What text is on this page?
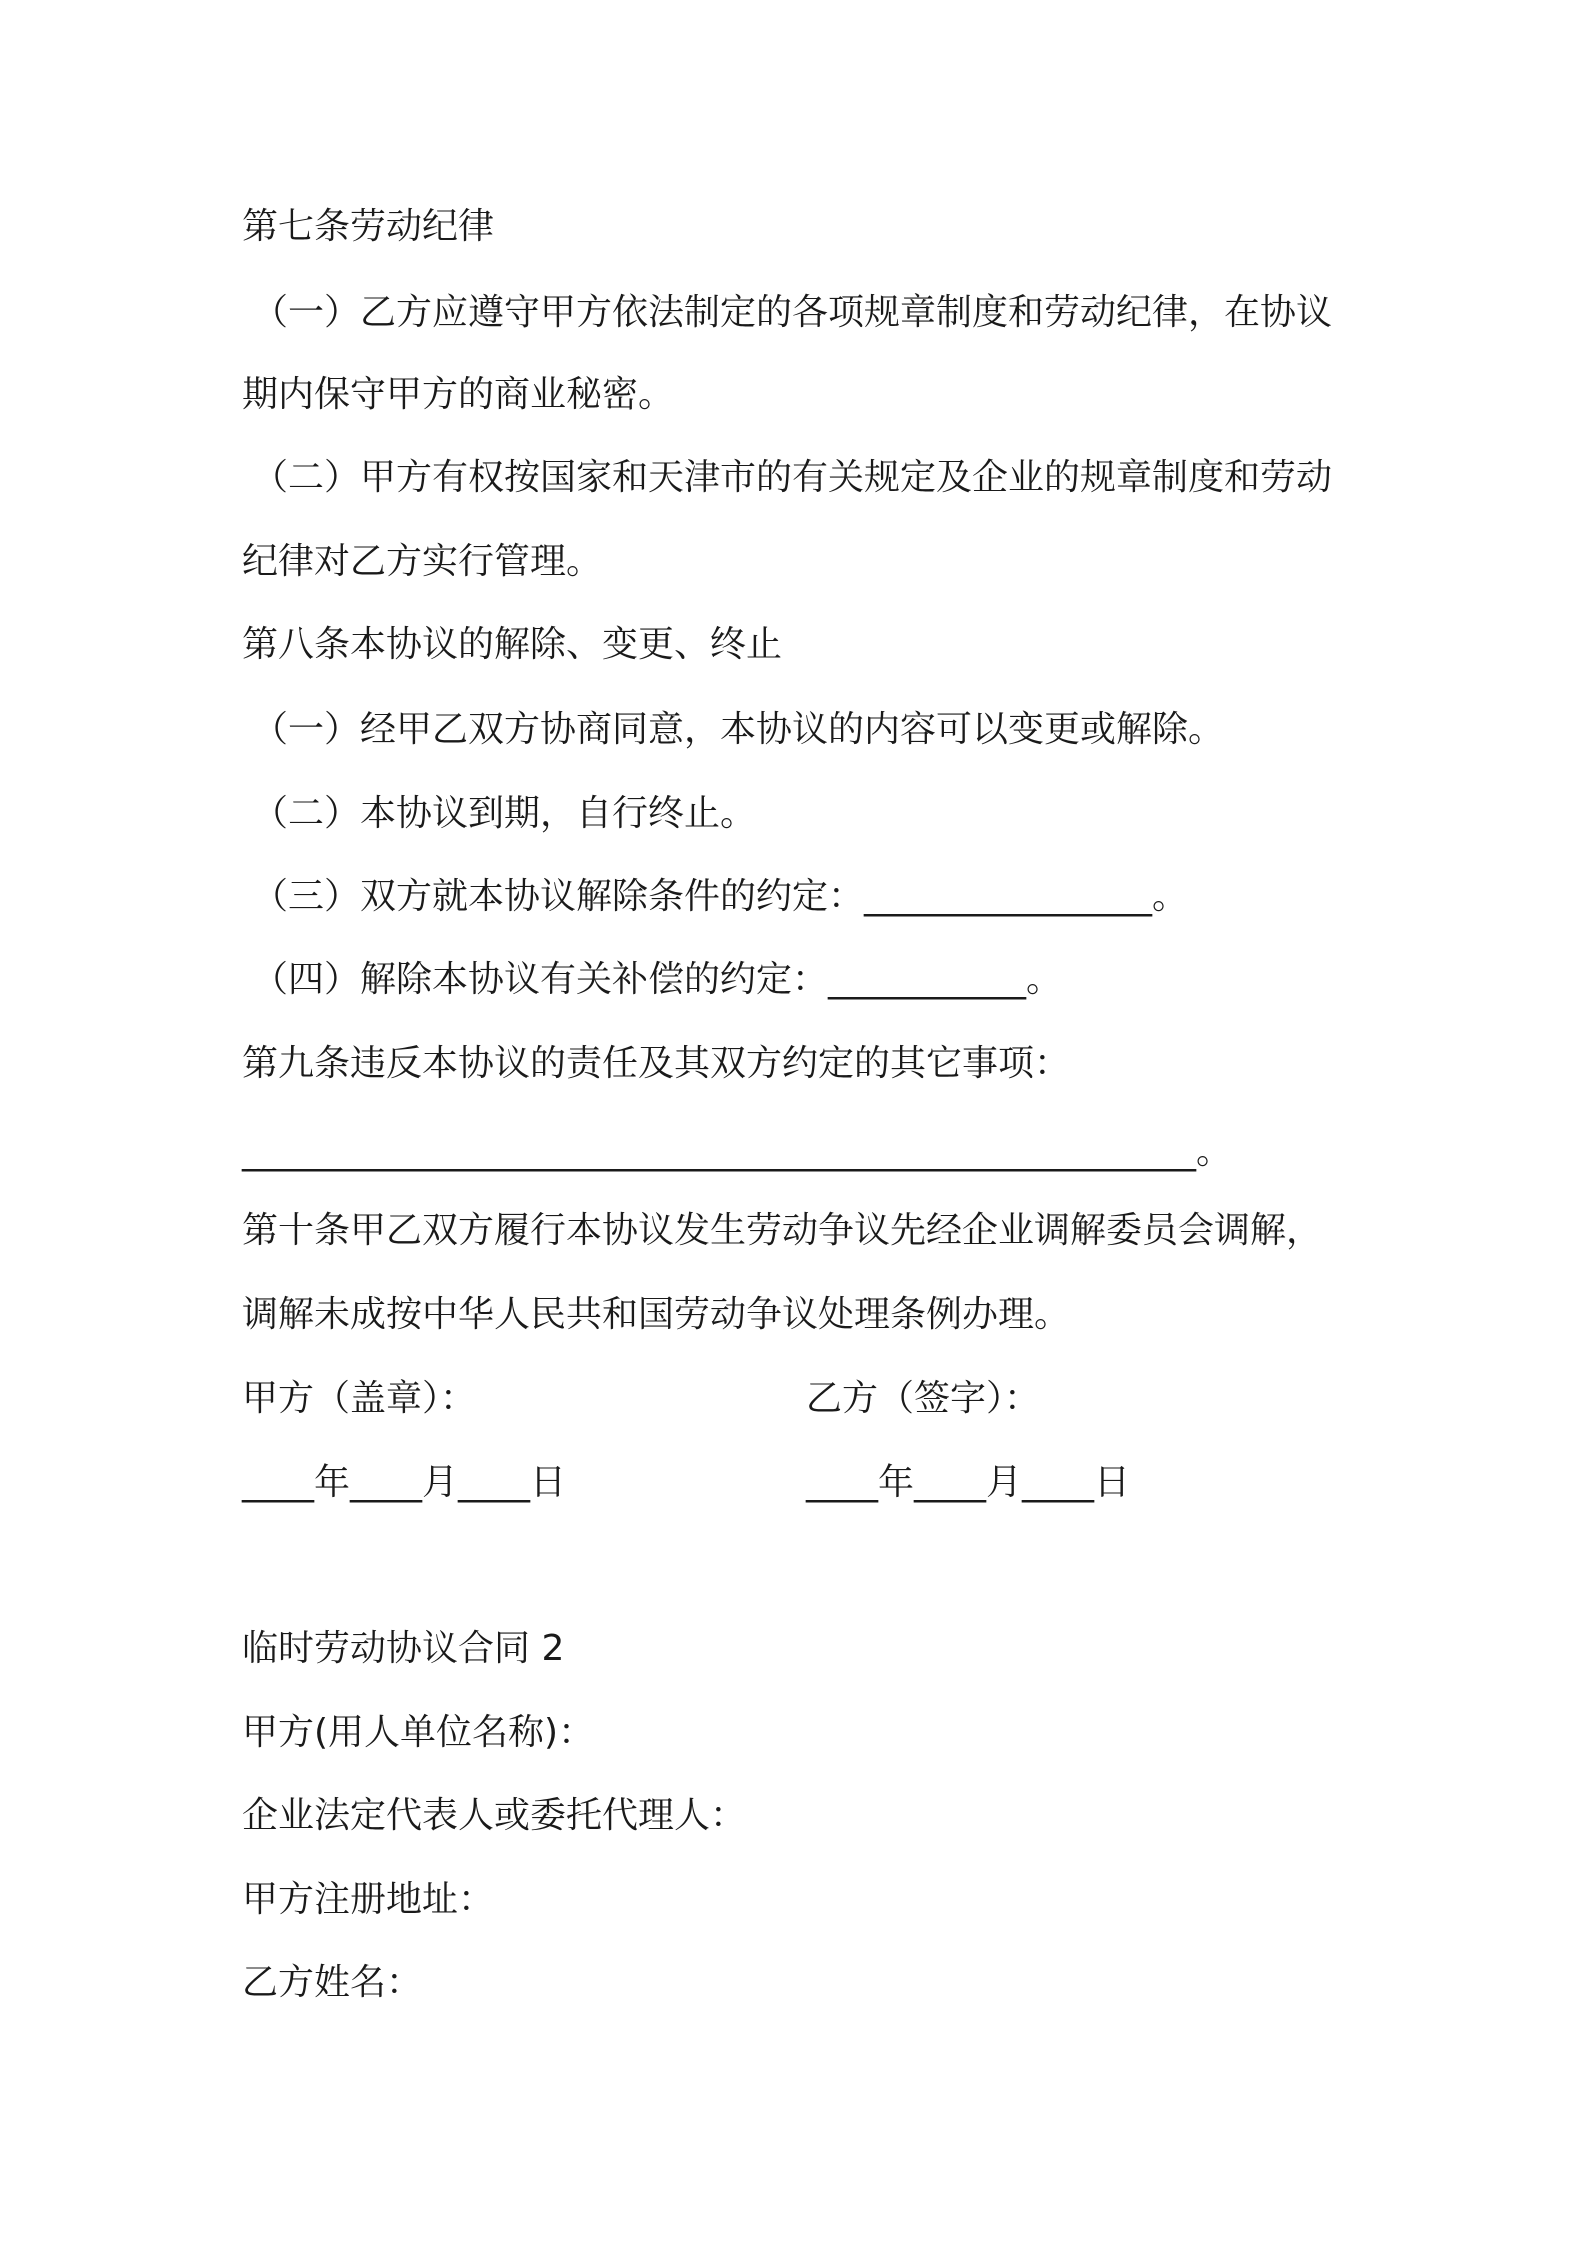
第七条劳动纪律
（一）乙方应遵守甲方依法制定的各项规章制度和劳动纪律，在协议
期内保守甲方的商业秘密。
（二）甲方有权按国家和天津市的有关规定及企业的规章制度和劳动
纪律对乙方实行管理。
第八条本协议的解除、变更、终止
（一）经甲乙双方协商同意，本协议的内容可以变更或解除。
（二）本协议到期，自行终止。
（三）双方就本协议解除条件的约定：________________。
（四）解除本协议有关补偿的约定：___________。
第九条违反本协议的责任及其双方约定的其它事项：
_____________________________________________________。
第十条甲乙双方履行本协议发生劳动争议先经企业调解委员会调解，
调解未成按中华人民共和国劳动争议处理条例办理。
甲方（盖章）：	乙方（签字）：
____年____月____日	____年____月____日
临时劳动协议合同 2
甲方(用人单位名称)：
企业法定代表人或委托代理人：
甲方注册地址：
乙方姓名：
